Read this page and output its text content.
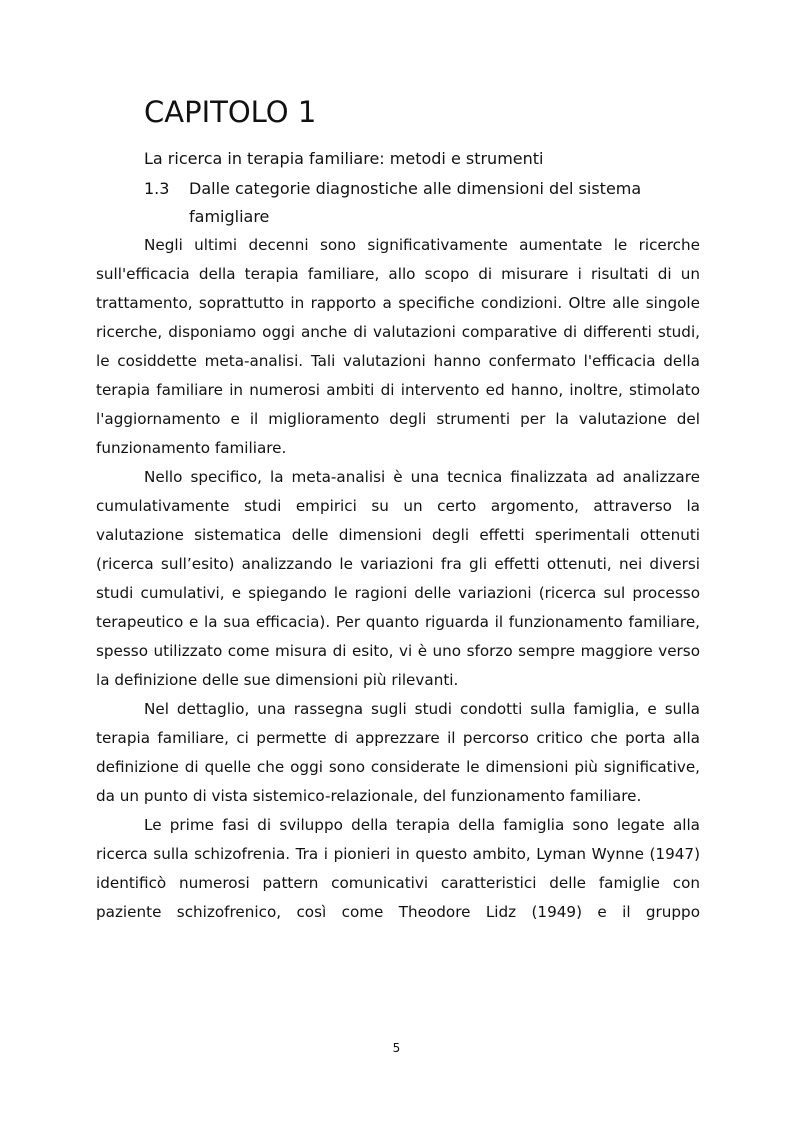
CAPITOLO 1
La ricerca in terapia familiare: metodi e strumenti
1.3 Dalle categorie diagnostiche alle dimensioni del sistema famigliare

Negli ultimi decenni sono significativamente aumentate le ricerche sull'efficacia della terapia familiare, allo scopo di misurare i risultati di un trattamento, soprattutto in rapporto a specifiche condizioni. Oltre alle singole ricerche, disponiamo oggi anche di valutazioni comparative di differenti studi, le cosiddette meta-analisi. Tali valutazioni hanno confermato l'efficacia della terapia familiare in numerosi ambiti di intervento ed hanno, inoltre, stimolato l'aggiornamento e il miglioramento degli strumenti per la valutazione del funzionamento familiare.

Nello specifico, la meta-analisi è una tecnica finalizzata ad analizzare cumulativamente studi empirici su un certo argomento, attraverso la valutazione sistematica delle dimensioni degli effetti sperimentali ottenuti (ricerca sull’esito) analizzando le variazioni fra gli effetti ottenuti, nei diversi studi cumulativi, e spiegando le ragioni delle variazioni (ricerca sul processo terapeutico e la sua efficacia). Per quanto riguarda il funzionamento familiare, spesso utilizzato come misura di esito, vi è uno sforzo sempre maggiore verso la definizione delle sue dimensioni più rilevanti.

Nel dettaglio, una rassegna sugli studi condotti sulla famiglia, e sulla terapia familiare, ci permette di apprezzare il percorso critico che porta alla definizione di quelle che oggi sono considerate le dimensioni più significative, da un punto di vista sistemico-relazionale, del funzionamento familiare.

Le prime fasi di sviluppo della terapia della famiglia sono legate alla ricerca sulla schizofrenia. Tra i pionieri in questo ambito, Lyman Wynne (1947) identificò numerosi pattern comunicativi caratteristici delle famiglie con paziente schizofrenico, così come Theodore Lidz (1949) e il gruppo

5
